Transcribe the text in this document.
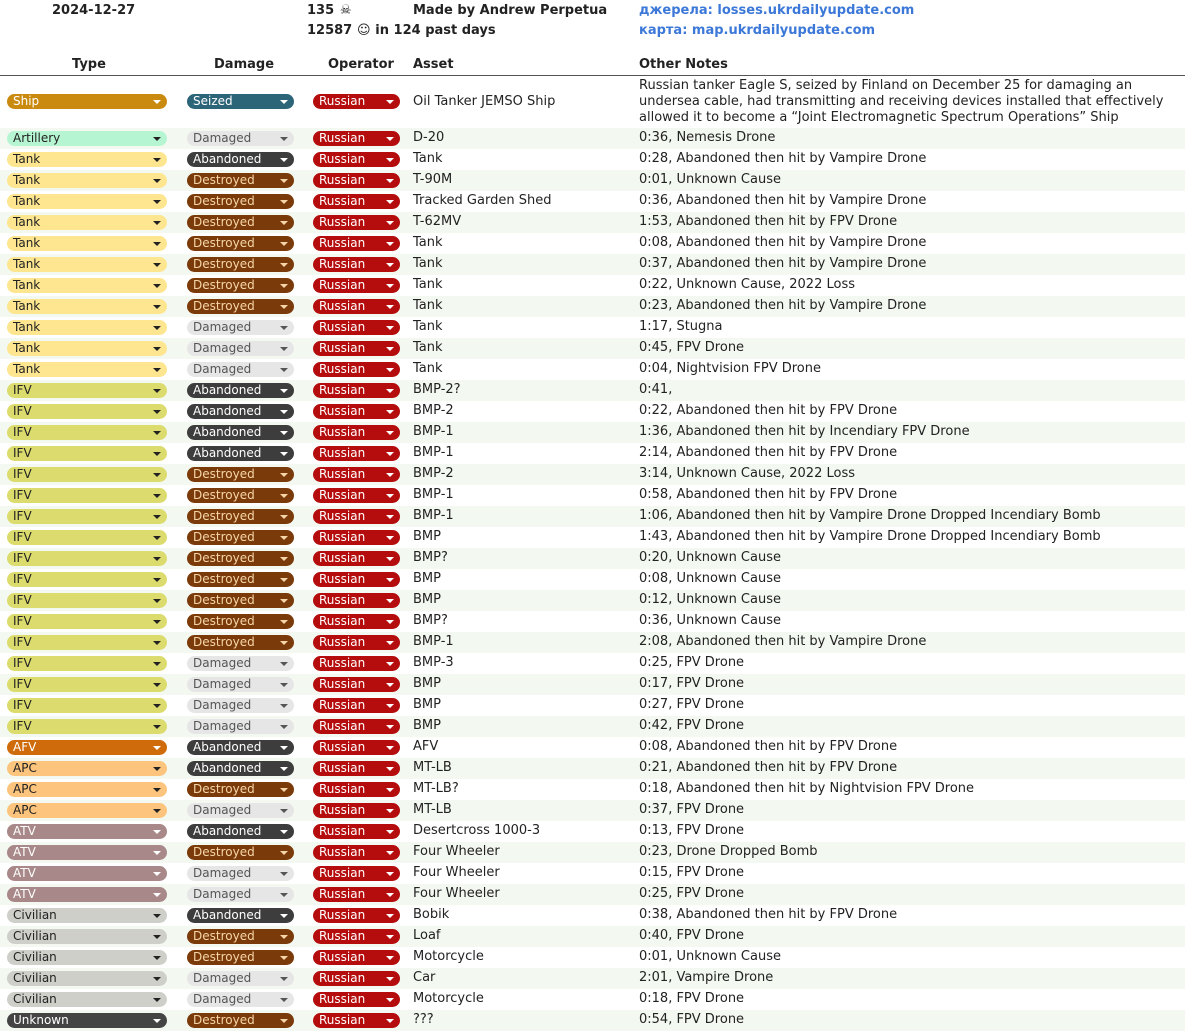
2024-12-27	135 ☠
12587 ☺ in 124 past days
Made by Andrew Perpetua джерела: losses.ukrdailyupdate.com
карта: map.ukrdailyupdate.com
Type	Damage	Operator Asset	Other Notes
Ship	Seized	Russian	Oil Tanker JEMSO Ship
Russian tanker Eagle S, seized by Finland on December 25 for damaging an undersea cable, had transmitting and receiving devices installed that effectively allowed it to become a “Joint Electromagnetic Spectrum Operations” Ship
Artillery	Damaged	Russian	D-20	0:36, Nemesis Drone
Tank	Abandoned	Russian	Tank	0:28, Abandoned then hit by Vampire Drone
Tank	Destroyed	Russian	T-90M	0:01, Unknown Cause
Tank	Destroyed	Russian	Tracked Garden Shed	0:36, Abandoned then hit by Vampire Drone
Tank	Destroyed	Russian	T-62MV	1:53, Abandoned then hit by FPV Drone
Tank	Destroyed	Russian	Tank	0:08, Abandoned then hit by Vampire Drone
Tank	Destroyed	Russian	Tank	0:37, Abandoned then hit by Vampire Drone
Tank	Destroyed	Russian	Tank	0:22, Unknown Cause, 2022 Loss
Tank	Destroyed	Russian	Tank	0:23, Abandoned then hit by Vampire Drone
Tank	Damaged	Russian	Tank	1:17, Stugna
Tank	Damaged	Russian	Tank	0:45, FPV Drone
Tank	Damaged	Russian	Tank	0:04, Nightvision FPV Drone
IFV	Abandoned	Russian	BMP-2?	0:41,
IFV	Abandoned	Russian	BMP-2	0:22, Abandoned then hit by FPV Drone
IFV	Abandoned	Russian	BMP-1	1:36, Abandoned then hit by Incendiary FPV Drone
IFV	Abandoned	Russian	BMP-1	2:14, Abandoned then hit by FPV Drone
IFV	Destroyed	Russian	BMP-2	3:14, Unknown Cause, 2022 Loss
IFV	Destroyed	Russian	BMP-1	0:58, Abandoned then hit by FPV Drone
IFV	Destroyed	Russian	BMP-1	1:06, Abandoned then hit by Vampire Drone Dropped Incendiary Bomb
IFV	Destroyed	Russian	BMP	1:43, Abandoned then hit by Vampire Drone Dropped Incendiary Bomb
IFV	Destroyed	Russian	BMP?	0:20, Unknown Cause
IFV	Destroyed	Russian	BMP	0:08, Unknown Cause
IFV	Destroyed	Russian	BMP	0:12, Unknown Cause
IFV	Destroyed	Russian	BMP?	0:36, Unknown Cause
IFV	Destroyed	Russian	BMP-1	2:08, Abandoned then hit by Vampire Drone
IFV	Damaged	Russian	BMP-3	0:25, FPV Drone
IFV	Damaged	Russian	BMP	0:17, FPV Drone
IFV	Damaged	Russian	BMP	0:27, FPV Drone
IFV	Damaged	Russian	BMP	0:42, FPV Drone
AFV	Abandoned	Russian	AFV	0:08, Abandoned then hit by FPV Drone
APC	Abandoned	Russian	MT-LB	0:21, Abandoned then hit by FPV Drone
APC	Destroyed	Russian	MT-LB?	0:18, Abandoned then hit by Nightvision FPV Drone
APC	Damaged	Russian	MT-LB	0:37, FPV Drone
ATV	Abandoned	Russian	Desertcross 1000-3	0:13, FPV Drone
ATV	Destroyed	Russian	Four Wheeler	0:23, Drone Dropped Bomb
ATV	Damaged	Russian	Four Wheeler	0:15, FPV Drone
ATV	Damaged	Russian	Four Wheeler	0:25, FPV Drone
Civilian	Abandoned	Russian	Bobik	0:38, Abandoned then hit by FPV Drone
Civilian	Destroyed	Russian	Loaf	0:40, FPV Drone
Civilian	Destroyed	Russian	Motorcycle	0:01, Unknown Cause
Civilian	Damaged	Russian	Car	2:01, Vampire Drone
Civilian	Damaged	Russian	Motorcycle	0:18, FPV Drone
Unknown	Destroyed	Russian	???	0:54, FPV Drone
